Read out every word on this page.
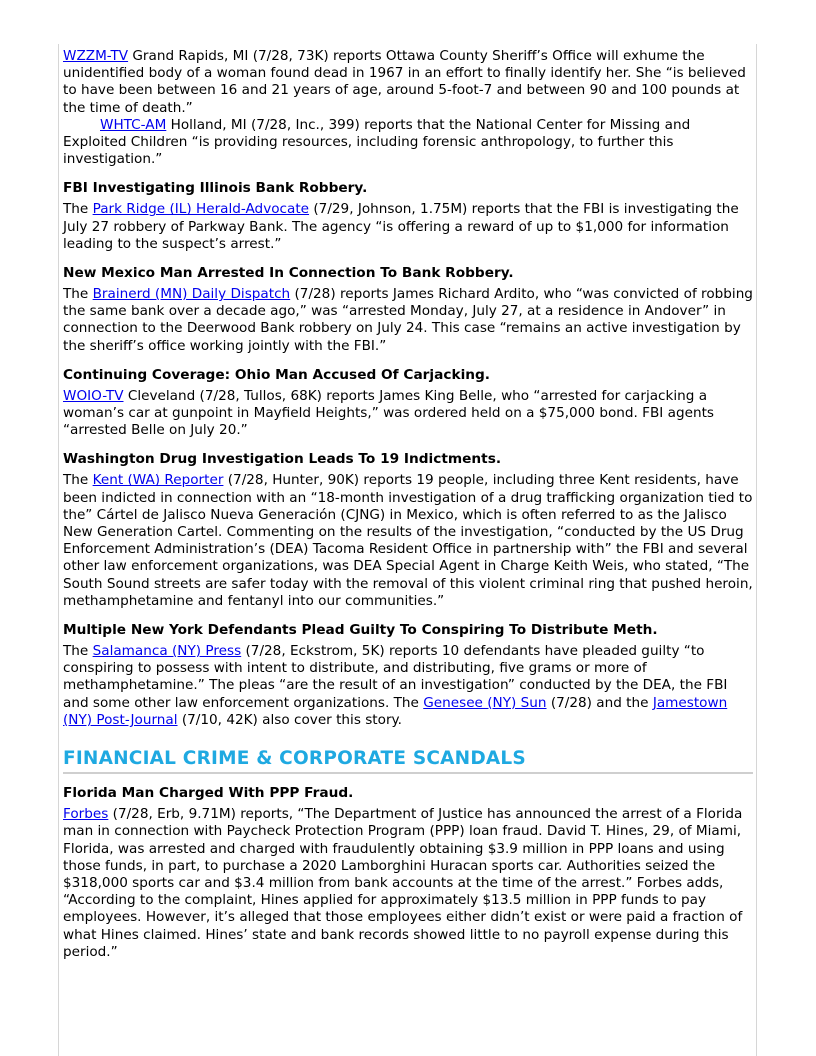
WZZM-TV Grand Rapids, MI (7/28, 73K) reports Ottawa County Sheriff’s Office will exhume the unidentified body of a woman found dead in 1967 in an effort to finally identify her. She “is believed to have been between 16 and 21 years of age, around 5-foot-7 and between 90 and 100 pounds at the time of death.”

WHTC-AM Holland, MI (7/28, Inc., 399) reports that the National Center for Missing and Exploited Children “is providing resources, including forensic anthropology, to further this investigation.”

FBI Investigating Illinois Bank Robbery.

The Park Ridge (IL) Herald-Advocate (7/29, Johnson, 1.75M) reports that the FBI is investigating the July 27 robbery of Parkway Bank. The agency “is offering a reward of up to $1,000 for information leading to the suspect’s arrest.”

New Mexico Man Arrested In Connection To Bank Robbery.

The Brainerd (MN) Daily Dispatch (7/28) reports James Richard Ardito, who “was convicted of robbing the same bank over a decade ago,” was “arrested Monday, July 27, at a residence in Andover” in connection to the Deerwood Bank robbery on July 24. This case “remains an active investigation by the sheriff’s office working jointly with the FBI.”

Continuing Coverage: Ohio Man Accused Of Carjacking.

WOIO-TV Cleveland (7/28, Tullos, 68K) reports James King Belle, who “arrested for carjacking a woman’s car at gunpoint in Mayfield Heights,” was ordered held on a $75,000 bond. FBI agents “arrested Belle on July 20.”

Washington Drug Investigation Leads To 19 Indictments.

The Kent (WA) Reporter (7/28, Hunter, 90K) reports 19 people, including three Kent residents, have been indicted in connection with an “18-month investigation of a drug trafficking organization tied to the” Cártel de Jalisco Nueva Generación (CJNG) in Mexico, which is often referred to as the Jalisco New Generation Cartel. Commenting on the results of the investigation, “conducted by the US Drug Enforcement Administration’s (DEA) Tacoma Resident Office in partnership with” the FBI and several other law enforcement organizations, was DEA Special Agent in Charge Keith Weis, who stated, “The South Sound streets are safer today with the removal of this violent criminal ring that pushed heroin, methamphetamine and fentanyl into our communities.”

Multiple New York Defendants Plead Guilty To Conspiring To Distribute Meth.

The Salamanca (NY) Press (7/28, Eckstrom, 5K) reports 10 defendants have pleaded guilty “to conspiring to possess with intent to distribute, and distributing, five grams or more of methamphetamine.” The pleas “are the result of an investigation” conducted by the DEA, the FBI and some other law enforcement organizations. The Genesee (NY) Sun (7/28) and the Jamestown (NY) Post-Journal (7/10, 42K) also cover this story.

FINANCIAL CRIME & CORPORATE SCANDALS
Florida Man Charged With PPP Fraud.

Forbes (7/28, Erb, 9.71M) reports, “The Department of Justice has announced the arrest of a Florida man in connection with Paycheck Protection Program (PPP) loan fraud. David T. Hines, 29, of Miami, Florida, was arrested and charged with fraudulently obtaining $3.9 million in PPP loans and using those funds, in part, to purchase a 2020 Lamborghini Huracan sports car. Authorities seized the $318,000 sports car and $3.4 million from bank accounts at the time of the arrest.” Forbes adds, “According to the complaint, Hines applied for approximately $13.5 million in PPP funds to pay employees. However, it’s alleged that those employees either didn’t exist or were paid a fraction of what Hines claimed. Hines’ state and bank records showed little to no payroll expense during this period.”
